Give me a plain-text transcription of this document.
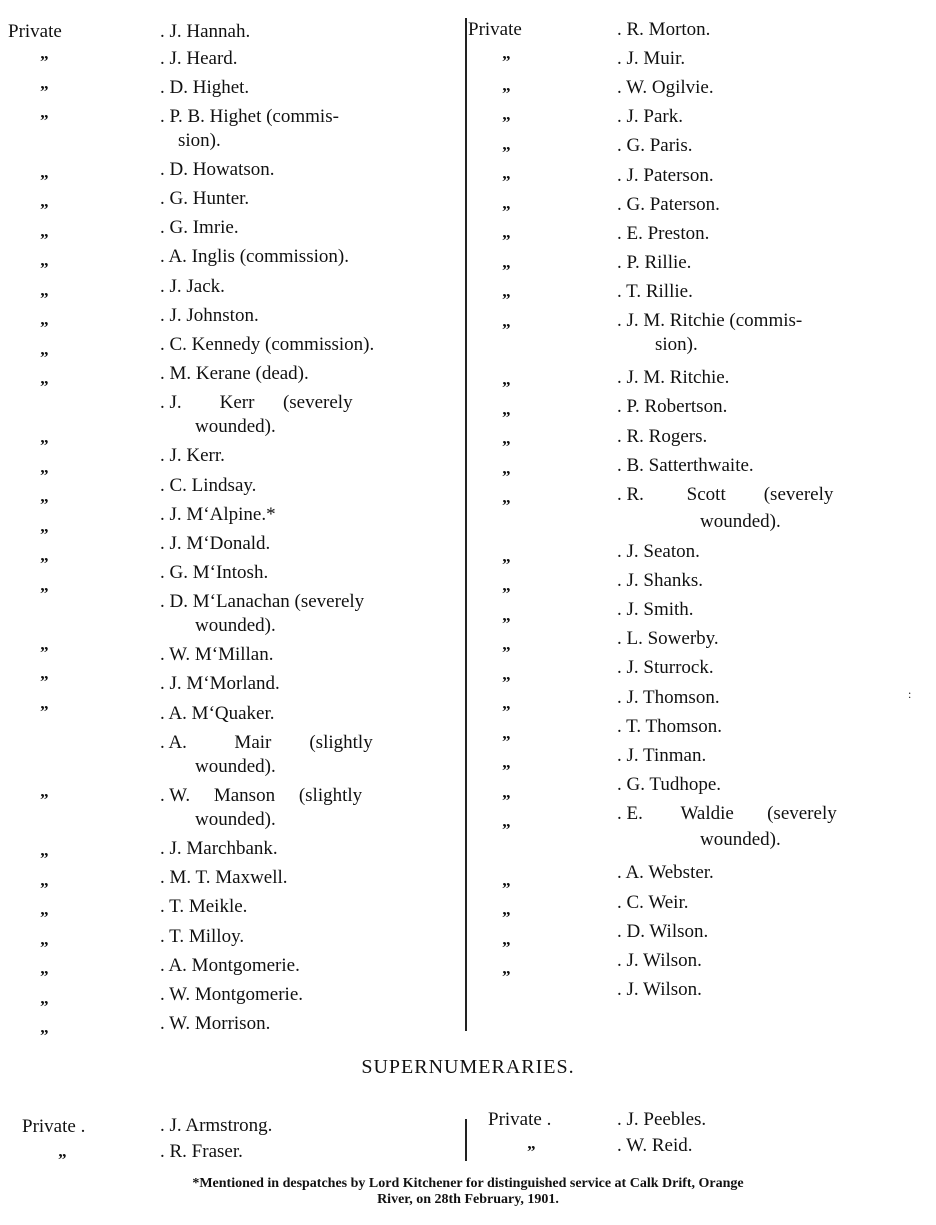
Private
”
”
”
”
”
”
”
”
”
”
”
”
”
”
”
”
”
”
”
”
”
”
”
”
”
”
”
”
. J. Hannah.
. J. Heard.
. D. Highet.
. P. B. Highet (commis-
sion).
. D. Howatson.
. G. Hunter.
. G. Imrie.
. A. Inglis (commission).
. J. Jack.
. J. Johnston.
. C. Kennedy (commission).
. M. Kerane (dead).
. J.        Kerr      (severely
wounded).
. J. Kerr.
. C. Lindsay.
. J. M‘Alpine.*
. J. M‘Donald.
. G. M‘Intosh.
. D. M‘Lanachan (severely
wounded).
. W. M‘Millan.
. J. M‘Morland.
. A. M‘Quaker.
. A.          Mair        (slightly
wounded).
. W.     Manson     (slightly
wounded).
. J. Marchbank.
. M. T. Maxwell.
. T. Meikle.
. T. Milloy.
. A. Montgomerie.
. W. Montgomerie.
. W. Morrison.
Private
”
”
”
”
”
”
”
”
”
”
”
”
”
”
”
”
”
”
”
”
”
”
”
”
”
”
”
”
”
. R. Morton.
. J. Muir.
. W. Ogilvie.
. J. Park.
. G. Paris.
. J. Paterson.
. G. Paterson.
. E. Preston.
. P. Rillie.
. T. Rillie.
. J. M. Ritchie (commis-
sion).
. J. M. Ritchie.
. P. Robertson.
. R. Rogers.
. B. Satterthwaite.
. R.         Scott        (severely
wounded).
. J. Seaton.
. J. Shanks.
. J. Smith.
. L. Sowerby.
. J. Sturrock.
. J. Thomson.
. T. Thomson.
. J. Tinman.
. G. Tudhope.
. E.        Waldie       (severely
wounded).
. A. Webster.
. C. Weir.
. D. Wilson.
. J. Wilson.
. J. Wilson.
:
SUPERNUMERARIES.
Private .
”
. J. Armstrong.
. R. Fraser.
Private .
”
. J. Peebles.
. W. Reid.
*Mentioned in despatches by Lord Kitchener for distinguished service at Calk Drift, Orange
River, on 28th February, 1901.
